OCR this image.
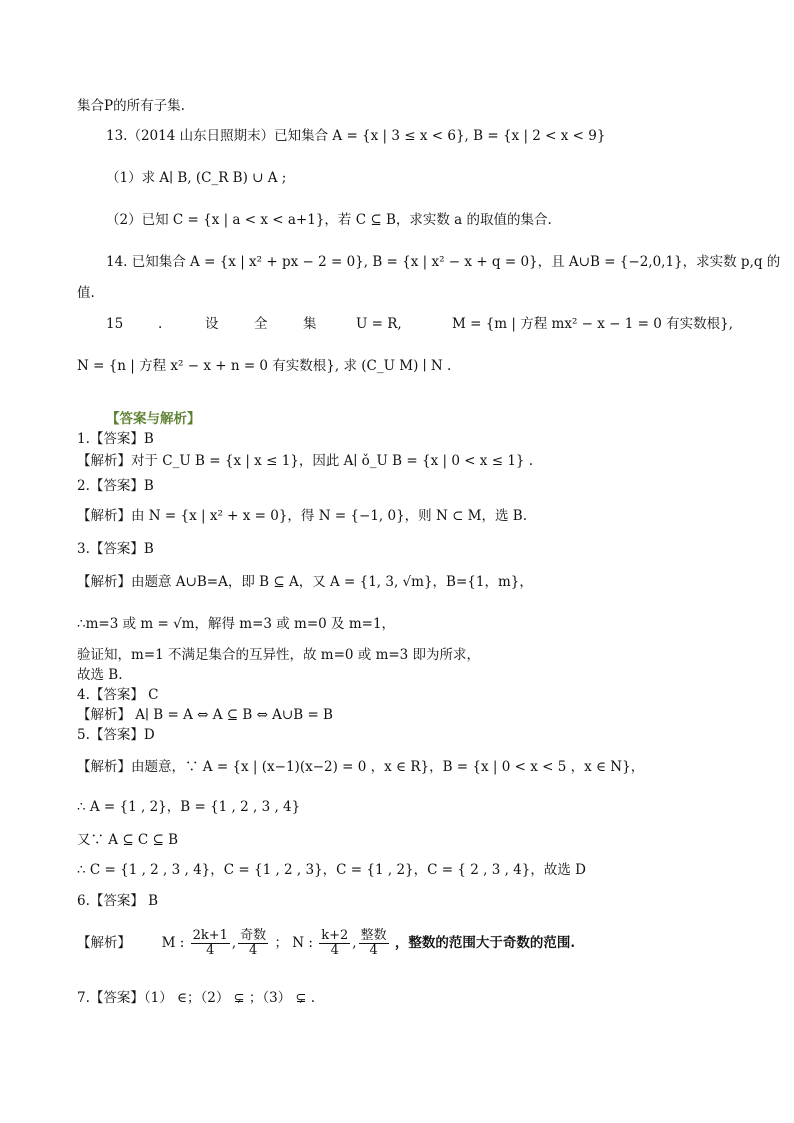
集合P的所有子集.
13.（2014 山东日照期末）已知集合 A = {x | 3 ≤ x < 6}, B = {x | 2 < x < 9}
（1）求 A∣ B, (C_R B) ∪ A ;
（2）已知 C = {x | a < x < a+1}，若 C ⊆ B，求实数 a 的取值的集合.
14. 已知集合 A = {x | x² + px − 2 = 0}, B = {x | x² − x + q = 0}，且 A∪B = {−2,0,1}，求实数 p,q 的
值.
15	.	设	全	集	U = R,	M = {m | 方程 mx² − x − 1 = 0 有实数根},
N = {n | 方程 x² − x + n = 0 有实数根}, 求 (C_U M) ∣ N .
【答案与解析】
1.【答案】B
【解析】对于 C_U B = {x | x ≤ 1}，因此 A∣ ǒ_U B = {x | 0 < x ≤ 1} .
2.【答案】B
【解析】由 N = {x | x² + x = 0}，得 N = {−1, 0}，则 N ⊂ M，选 B.
3.【答案】B
【解析】由题意 A∪B=A，即 B ⊆ A，又 A = {1, 3, √m}，B={1，m}，
∴m=3 或 m = √m，解得 m=3 或 m=0 及 m=1，
验证知，m=1 不满足集合的互异性，故 m=0 或 m=3 即为所求，
故选 B.
4.【答案】 C
【解析】 A∣ B = A ⇔ A ⊆ B ⇔ A∪B = B
5.【答案】D
【解析】由题意，∵ A = {x | (x−1)(x−2) = 0 ，x ∈ R}，B = {x | 0 < x < 5 ，x ∈ N}，
∴ A = {1 , 2}，B = {1 , 2 , 3 , 4}
又∵ A ⊆ C ⊆ B
∴ C = {1 , 2 , 3 , 4}，C = {1 , 2 , 3}，C = {1 , 2}，C = { 2 , 3 , 4}，故选 D
6.【答案】 B
【解析】 M : $\frac{2k+1}{4}$ , $\frac{\text{奇数}}{4}$ ； N : $\frac{k+2}{4}$ , $\frac{\text{整数}}{4}$ ，整数的范围大于奇数的范围.
7.【答案】（1） ∈；（2） ⊊ ；（3） ⊊ .
